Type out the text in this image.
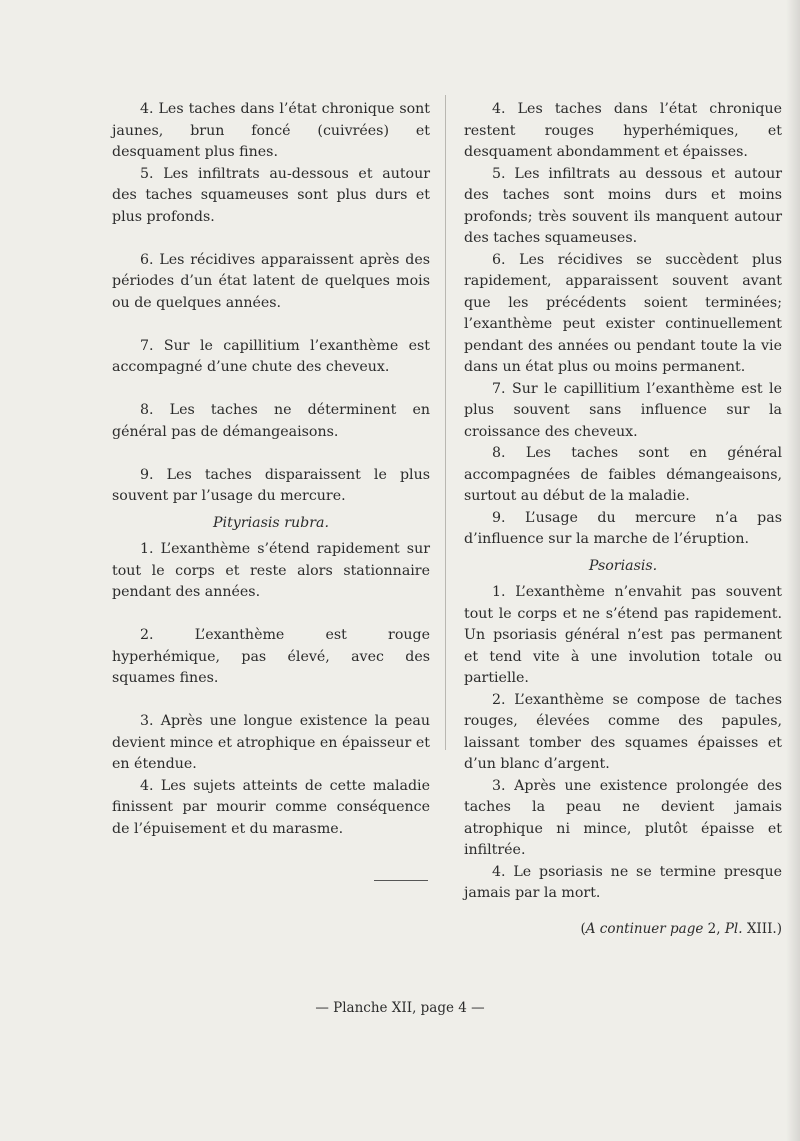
4. Les taches dans l’état chronique sont jaunes, brun foncé (cuivrées) et desquament plus fines.

5. Les infiltrats au-dessous et autour des taches squameuses sont plus durs et plus profonds.

6. Les récidives apparaissent après des périodes d’un état latent de quelques mois ou de quelques années.

7. Sur le capillitium l’exanthème est accompagné d’une chute des cheveux.

8. Les taches ne déterminent en général pas de démangeaisons.

9. Les taches disparaissent le plus souvent par l’usage du mercure.

Pityriasis rubra.

1. L’exanthème s’étend rapidement sur tout le corps et reste alors stationnaire pendant des années.

2. L’exanthème est rouge hyperhémique, pas élevé, avec des squames fines.

3. Après une longue existence la peau devient mince et atrophique en épaisseur et en étendue.

4. Les sujets atteints de cette maladie finissent par mourir comme conséquence de l’épuisement et du marasme.

4. Les taches dans l’état chronique restent rouges hyperhémiques, et desquament abondamment et épaisses.

5. Les infiltrats au dessous et autour des taches sont moins durs et moins profonds; très souvent ils manquent autour des taches squameuses.

6. Les récidives se succèdent plus rapidement, apparaissent souvent avant que les précédents soient terminées; l’exanthème peut exister continuellement pendant des années ou pendant toute la vie dans un état plus ou moins permanent.

7. Sur le capillitium l’exanthème est le plus souvent sans influence sur la croissance des cheveux.

8. Les taches sont en général accompagnées de faibles démangeaisons, surtout au début de la maladie.

9. L’usage du mercure n’a pas d’influence sur la marche de l’éruption.

Psoriasis.

1. L’exanthème n’envahit pas souvent tout le corps et ne s’étend pas rapidement. Un psoriasis général n’est pas permanent et tend vite à une involution totale ou partielle.

2. L’exanthème se compose de taches rouges, élevées comme des papules, laissant tomber des squames épaisses et d’un blanc d’argent.

3. Après une existence prolongée des taches la peau ne devient jamais atrophique ni mince, plutôt épaisse et infiltrée.

4. Le psoriasis ne se termine presque jamais par la mort.

(A continuer page 2, Pl. XIII.)

— Planche XII, page 4 —
